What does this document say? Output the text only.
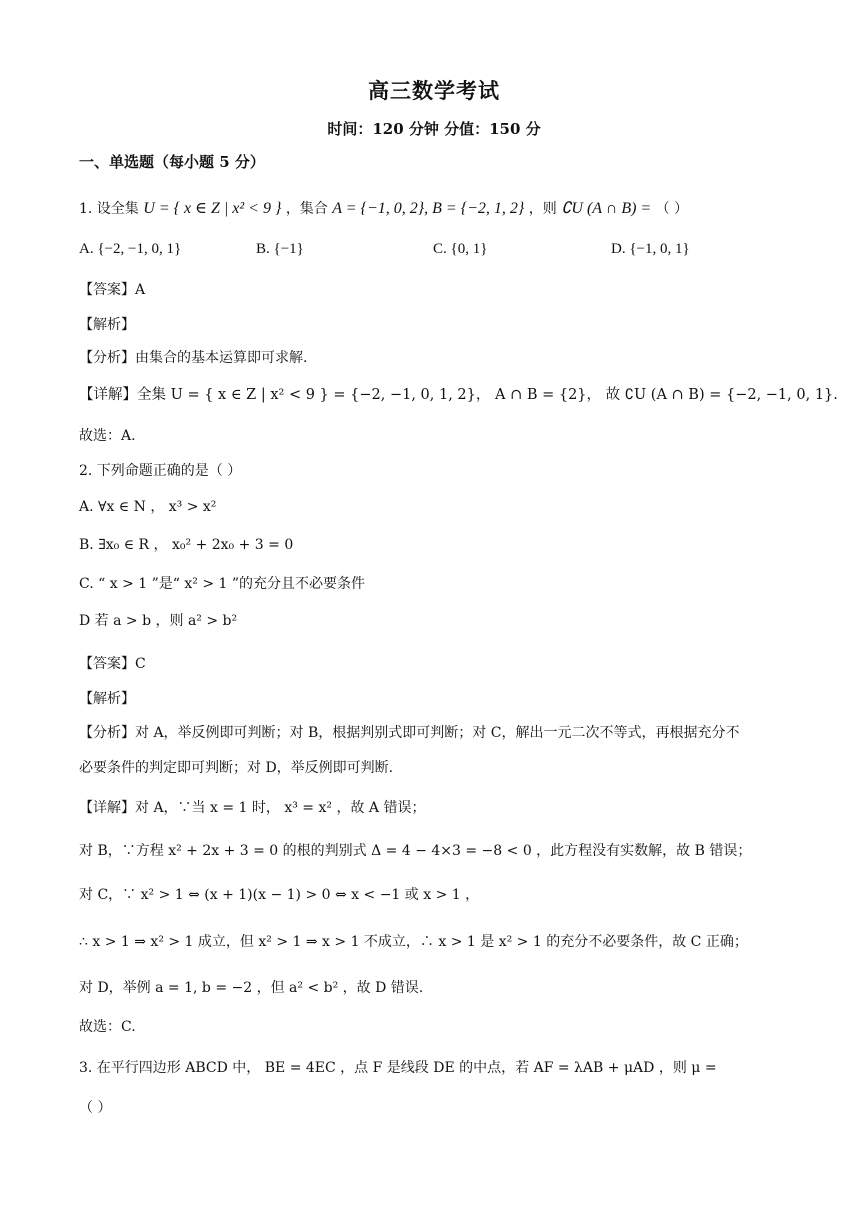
高三数学考试
时间：120 分钟 分值：150 分
一、单选题（每小题 5 分）
1. 设全集 U = { x ∈ Z | x² < 9 } ，集合 A = {−1, 0, 2}, B = {−2, 1, 2} ，则 ∁U (A ∩ B) = （ ）
A. {−2, −1, 0, 1}	B. {−1}	C. {0, 1}	D. {−1, 0, 1}
【答案】A
【解析】
【分析】由集合的基本运算即可求解.
【详解】全集 U = { x ∈ Z | x² < 9 } = {−2, −1, 0, 1, 2}， A ∩ B = {2}， 故 ∁U (A ∩ B) = {−2, −1, 0, 1}.
故选：A.
2. 下列命题正确的是（ ）
A. ∀x ∈ N ， x³ > x²
B. ∃x₀ ∈ R ， x₀² + 2x₀ + 3 = 0
C. “ x > 1 ”是“ x² > 1 ”的充分且不必要条件
D 若 a > b ，则 a² > b²
【答案】C
【解析】
【分析】对 A，举反例即可判断；对 B，根据判别式即可判断；对 C，解出一元二次不等式，再根据充分不
必要条件的判定即可判断；对 D，举反例即可判断.
【详解】对 A，∵当 x = 1 时， x³ = x² ，故 A 错误；
对 B，∵方程 x² + 2x + 3 = 0 的根的判别式 Δ = 4 − 4×3 = −8 < 0 ，此方程没有实数解，故 B 错误；
对 C，∵ x² > 1 ⇔ (x + 1)(x − 1) > 0 ⇔ x < −1 或 x > 1 ，
∴ x > 1 ⇒ x² > 1 成立，但 x² > 1 ⇒ x > 1 不成立，∴ x > 1 是 x² > 1 的充分不必要条件，故 C 正确；
对 D，举例 a = 1, b = −2 ，但 a² < b² ，故 D 错误.
故选：C.
3. 在平行四边形 ABCD 中， BE = 4EC ，点 F 是线段 DE 的中点，若 AF = λAB + μAD ，则 μ =
（ ）
